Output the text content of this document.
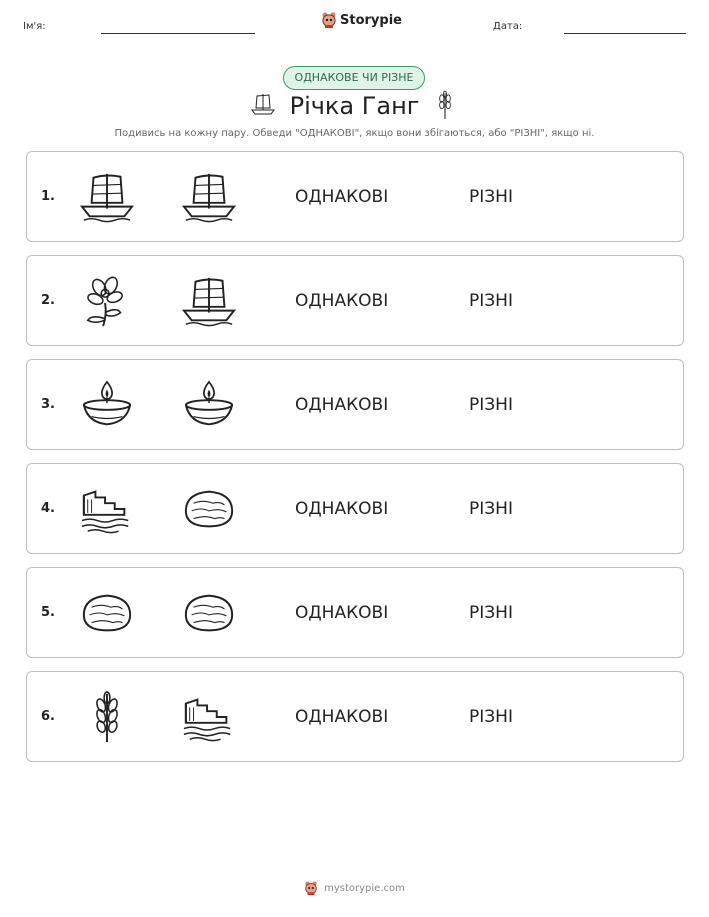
Ім'я:	Storypie	Дата:
ОДНАКОВЕ ЧИ РІЗНЕ
Річка Ганг
Подивись на кожну пару. Обведи "ОДНАКОВІ", якщо вони збігаються, або "РІЗНІ", якщо ні.
1.	ОДНАКОВІ	РІЗНІ
2.	ОДНАКОВІ	РІЗНІ
3.	ОДНАКОВІ	РІЗНІ
4.	ОДНАКОВІ	РІЗНІ
5.	ОДНАКОВІ	РІЗНІ
6.	ОДНАКОВІ	РІЗНІ
mystorypie.com
